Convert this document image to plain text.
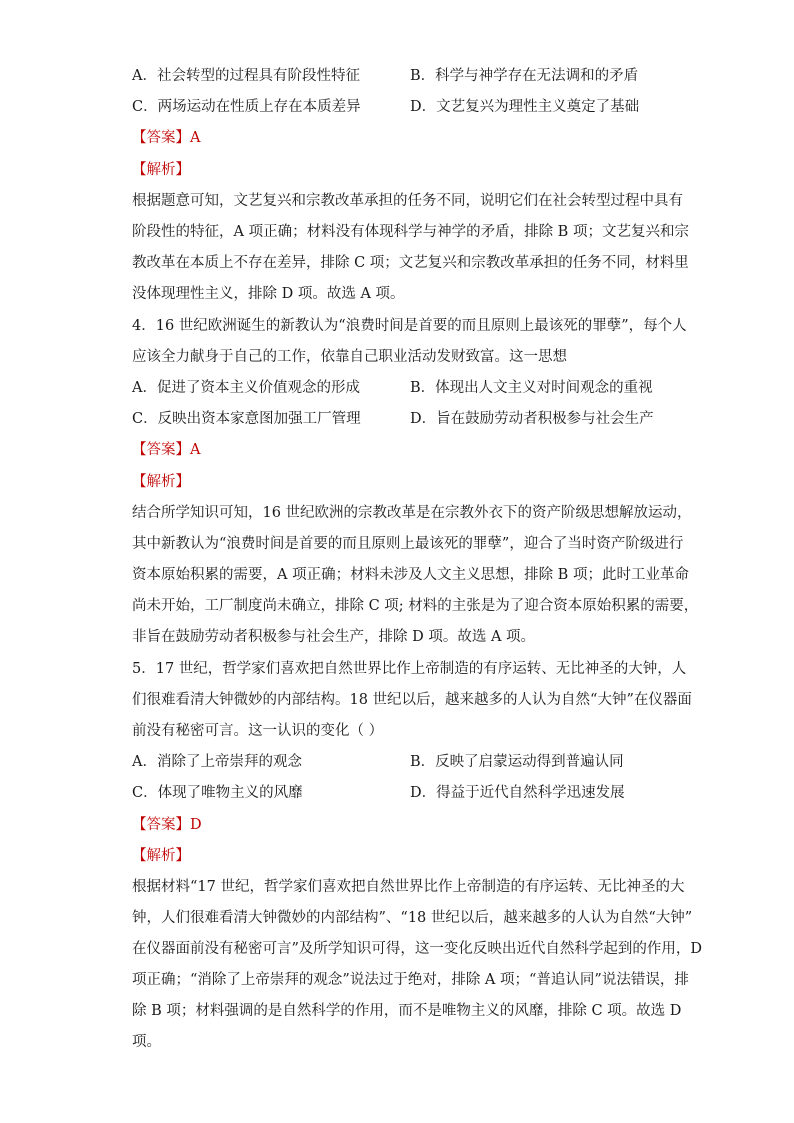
A．社会转型的过程具有阶段性特征	B．科学与神学存在无法调和的矛盾
C．两场运动在性质上存在本质差异	D．文艺复兴为理性主义奠定了基础
【答案】A
【解析】
根据题意可知，文艺复兴和宗教改革承担的任务不同，说明它们在社会转型过程中具有
阶段性的特征，A 项正确；材料没有体现科学与神学的矛盾，排除 B 项；文艺复兴和宗
教改革在本质上不存在差异，排除 C 项；文艺复兴和宗教改革承担的任务不同，材料里
没体现理性主义，排除 D 项。故选 A 项。
4．16 世纪欧洲诞生的新教认为“浪费时间是首要的而且原则上最该死的罪孽”，每个人
应该全力献身于自己的工作，依靠自己职业活动发财致富。这一思想
A．促进了资本主义价值观念的形成	B．体现出人文主义对时间观念的重视
C．反映出资本家意图加强工厂管理	D．旨在鼓励劳动者积极参与社会生产
【答案】A
【解析】
结合所学知识可知，16 世纪欧洲的宗教改革是在宗教外衣下的资产阶级思想解放运动，
其中新教认为“浪费时间是首要的而且原则上最该死的罪孽”，迎合了当时资产阶级进行
资本原始积累的需要，A 项正确；材料未涉及人文主义思想，排除 B 项；此时工业革命
尚未开始，工厂制度尚未确立，排除 C 项; 材料的主张是为了迎合资本原始积累的需要，
非旨在鼓励劳动者积极参与社会生产，排除 D 项。故选 A 项。
5．17 世纪，哲学家们喜欢把自然世界比作上帝制造的有序运转、无比神圣的大钟，人
们很难看清大钟微妙的内部结构。18 世纪以后，越来越多的人认为自然“大钟”在仪器面
前没有秘密可言。这一认识的变化（ ）
A．消除了上帝崇拜的观念	B．反映了启蒙运动得到普遍认同
C．体现了唯物主义的风靡	D．得益于近代自然科学迅速发展
【答案】D
【解析】
根据材料“17 世纪，哲学家们喜欢把自然世界比作上帝制造的有序运转、无比神圣的大
钟，人们很难看清大钟微妙的内部结构”、“18 世纪以后，越来越多的人认为自然“大钟”
在仪器面前没有秘密可言”及所学知识可得，这一变化反映出近代自然科学起到的作用，D
项正确；“消除了上帝崇拜的观念”说法过于绝对，排除 A 项；“普追认同”说法错误，排
除 B 项；材料强调的是自然科学的作用，而不是唯物主义的风靡，排除 C 项。故选 D
项。
